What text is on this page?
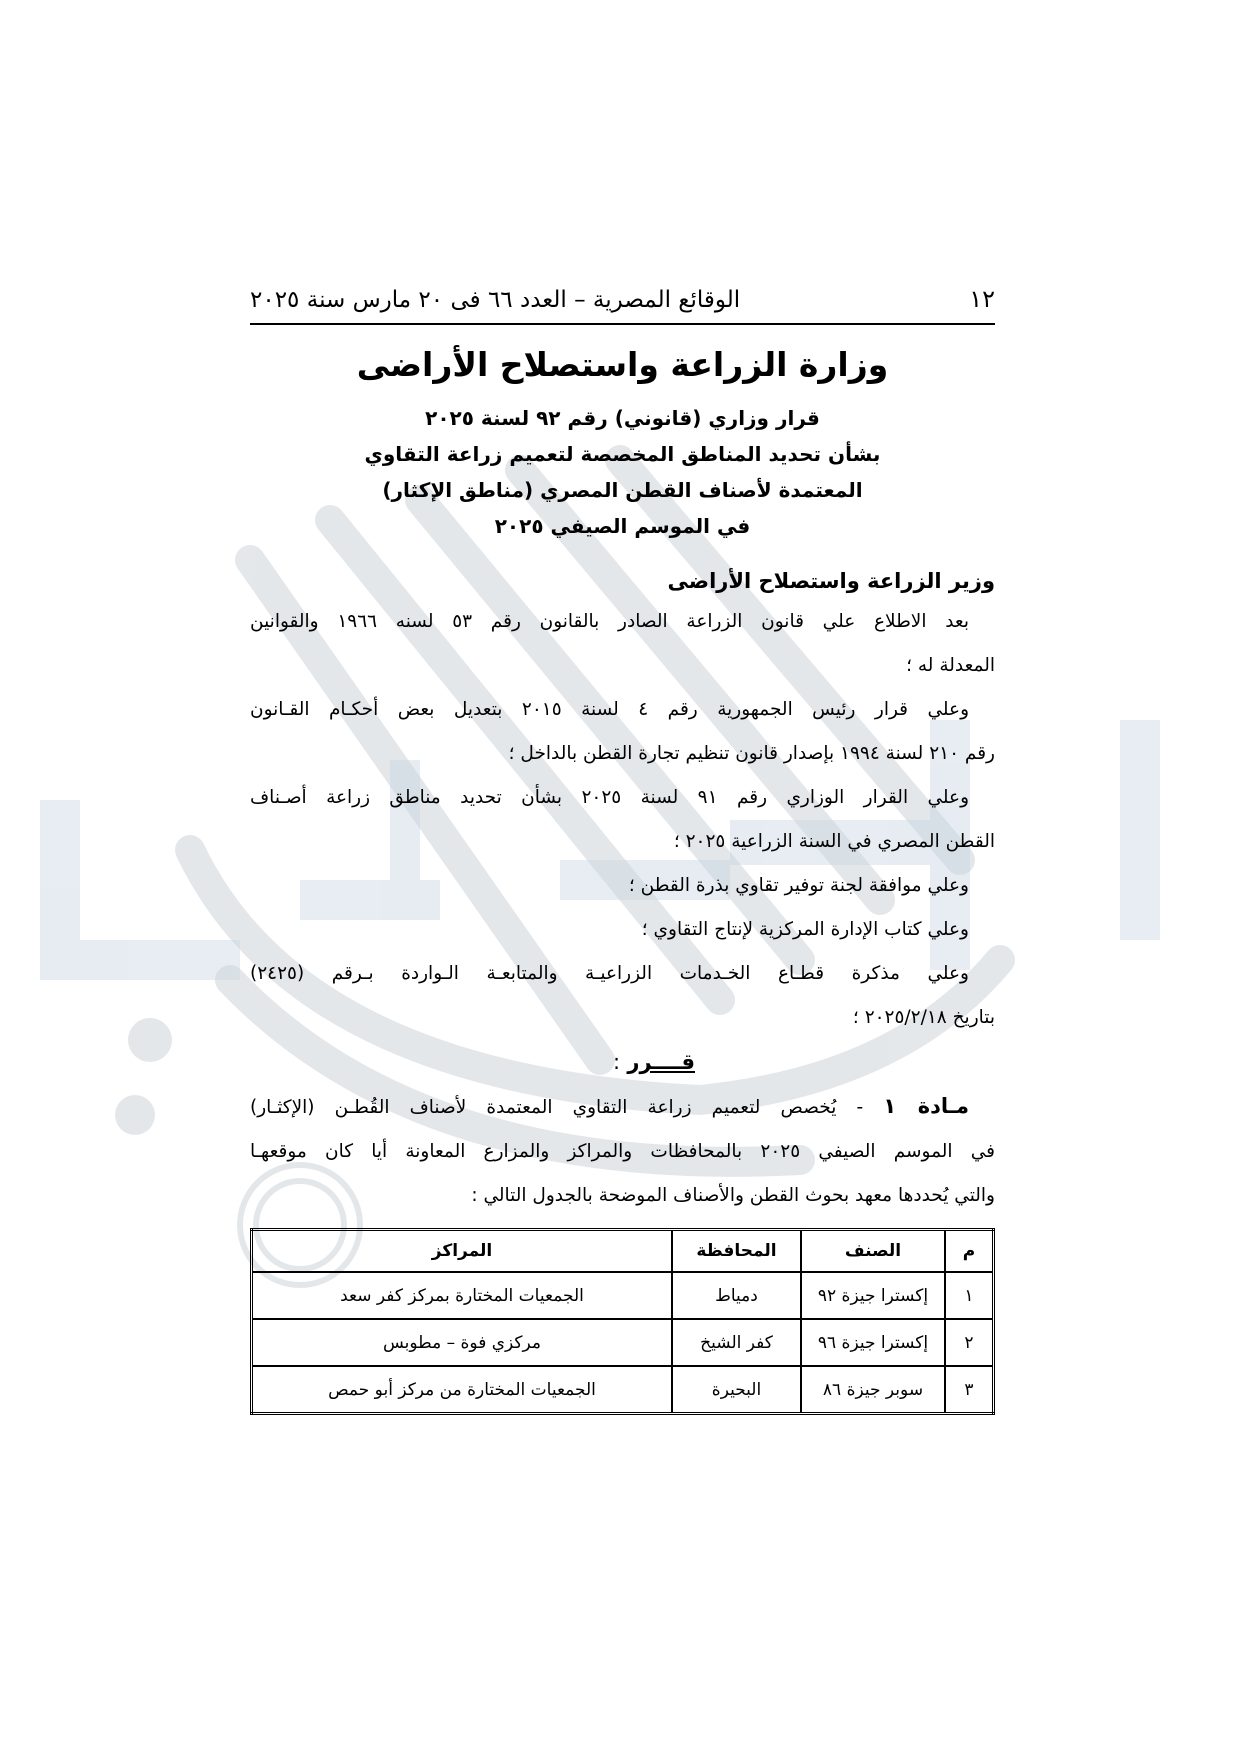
١٢
الوقائع المصرية – العدد ٦٦ فى ٢٠ مارس سنة ٢٠٢٥
وزارة الزراعة واستصلاح الأراضى
قرار وزاري (قانوني) رقم ٩٢ لسنة ٢٠٢٥
بشأن تحديد المناطق المخصصة لتعميم زراعة التقاوي
المعتمدة لأصناف القطن المصري (مناطق الإكثار)
في الموسم الصيفي ٢٠٢٥
وزير الزراعة واستصلاح الأراضى

بعد الاطلاع علي قانون الزراعة الصادر بالقانون رقم ٥٣ لسنه ١٩٦٦ والقوانين

المعدلة له ؛

وعلي قرار رئيس الجمهورية رقم ٤ لسنة ٢٠١٥ بتعديل بعض أحكـام القـانون

رقم ٢١٠ لسنة ١٩٩٤ بإصدار قانون تنظيم تجارة القطن بالداخل ؛

وعلي القرار الوزاري رقم ٩١ لسنة ٢٠٢٥ بشأن تحديد مناطق زراعة أصـناف

القطن المصري في السنة الزراعية ٢٠٢٥ ؛

وعلي موافقة لجنة توفير تقاوي بذرة القطن ؛

وعلي كتاب الإدارة المركزية لإنتاج التقاوي ؛

وعلي مذكرة قطـاع الخـدمات الزراعيـة والمتابعـة الـواردة بـرقم (٢٤٢٥)

بتاريخ ٢٠٢٥/٢/١٨ ؛

قــــرر :

مـادة ١ - يُخصص لتعميم زراعة التقاوي المعتمدة لأصناف القُطـن (الإكثـار)

في الموسم الصيفي ٢٠٢٥ بالمحافظات والمراكز والمزارع المعاونة أيا كان موقعهـا

والتي يُحددها معهد بحوث القطن والأصناف الموضحة بالجدول التالي :

م	الصنف	المحافظة	المراكز
١	إكسترا جيزة ٩٢	دمياط	الجمعيات المختارة بمركز كفر سعد
٢	إكسترا جيزة ٩٦	كفر الشيخ	مركزي فوة – مطوبس
٣	سوبر جيزة ٨٦	البحيرة	الجمعيات المختارة من مركز أبو حمص
